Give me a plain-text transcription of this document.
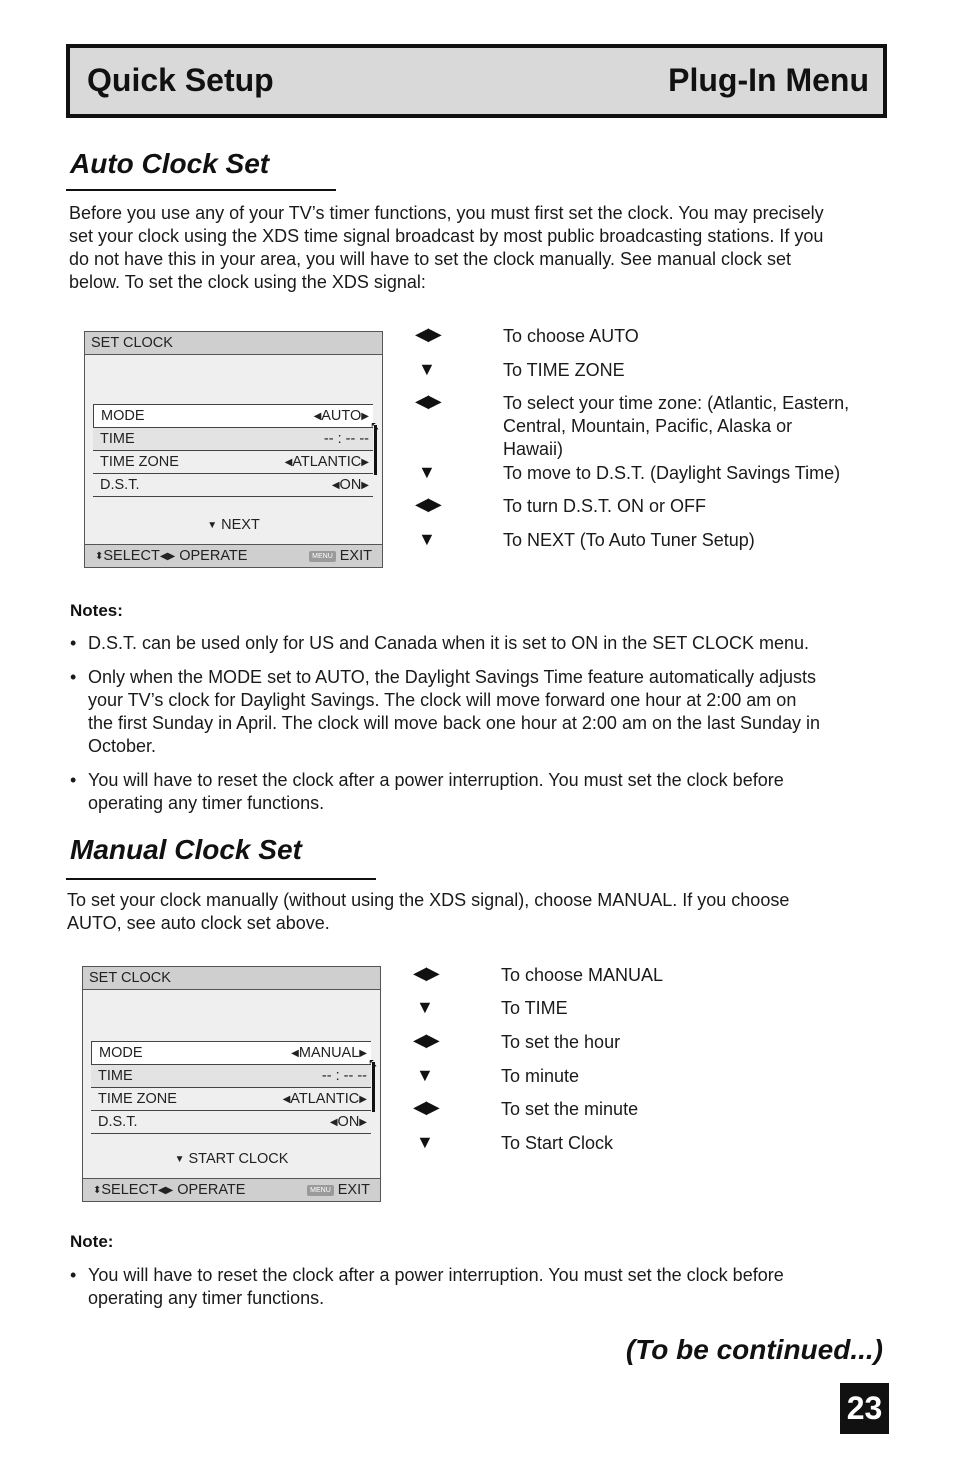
Quick Setup	Plug-In Menu
Auto Clock Set
Before you use any of your TV’s timer functions, you must first set the clock. You may precisely
set your clock using the XDS time signal broadcast by most public broadcasting stations. If you
do not have this in your area, you will have to set the clock manually. See manual clock set
below. To set the clock using the XDS signal:
SET CLOCK
MODE	◀AUTO▶
TIME	-- : -- --
TIME ZONE	◀ATLANTIC▶
D.S.T.	◀ON▶
↖
▼ NEXT
⬍SELECT◀▶ OPERATE	MENU EXIT
◀▶	To choose AUTO
▼	To TIME ZONE
◀▶	To select your time zone: (Atlantic, Eastern,
Central, Mountain, Pacific, Alaska or
Hawaii)
▼	To move to D.S.T. (Daylight Savings Time)
◀▶	To turn D.S.T. ON or OFF
▼	To NEXT (To Auto Tuner Setup)
Notes:
• D.S.T. can be used only for US and Canada when it is set to ON in the SET CLOCK menu.
• Only when the MODE set to AUTO, the Daylight Savings Time feature automatically adjusts
your TV’s clock for Daylight Savings. The clock will move forward one hour at 2:00 am on
the first Sunday in April. The clock will move back one hour at 2:00 am on the last Sunday in
October.
• You will have to reset the clock after a power interruption. You must set the clock before
operating any timer functions.
Manual Clock Set
To set your clock manually (without using the XDS signal), choose MANUAL. If you choose
AUTO, see auto clock set above.
SET CLOCK
MODE	◀MANUAL▶
TIME	-- : -- --
TIME ZONE	◀ATLANTIC▶
D.S.T.	◀ON▶
↖
▼ START CLOCK
⬍SELECT◀▶ OPERATE	MENU EXIT
◀▶	To choose MANUAL
▼	To TIME
◀▶	To set the hour
▼	To minute
◀▶	To set the minute
▼	To Start Clock
Note:
• You will have to reset the clock after a power interruption. You must set the clock before
operating any timer functions.
(To be continued...)
23
